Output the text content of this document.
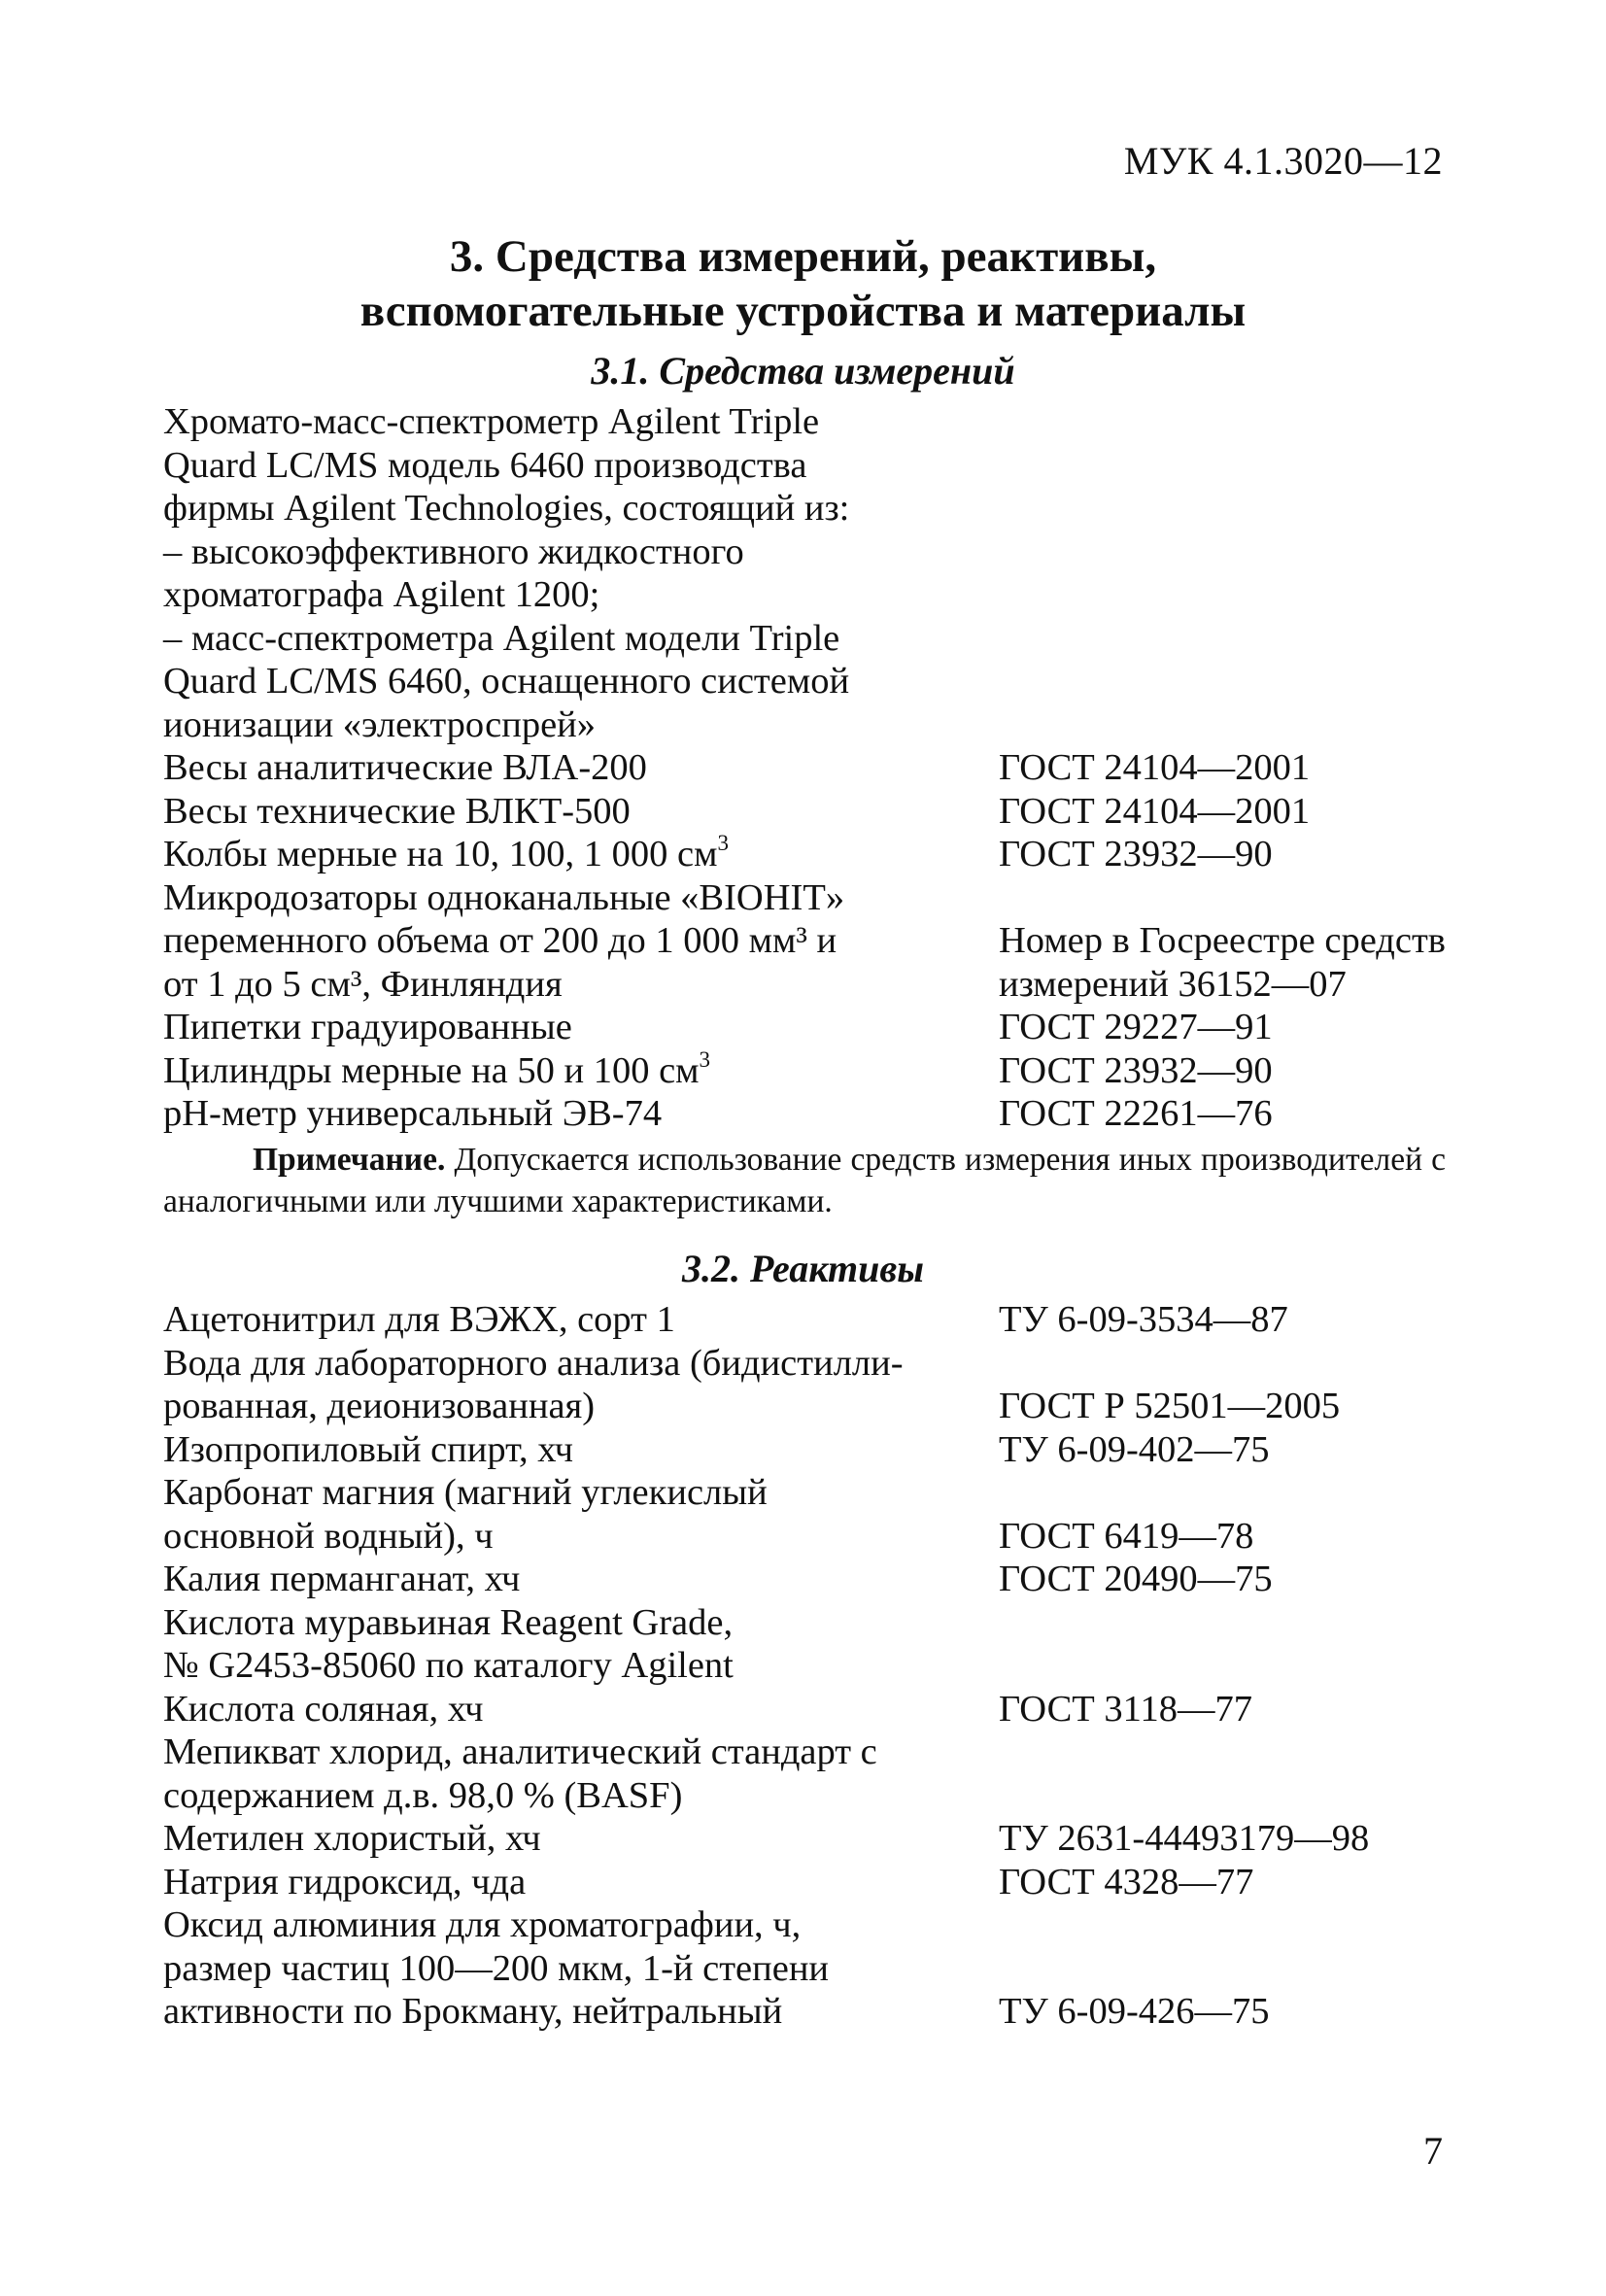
МУК 4.1.3020—12
3. Средства измерений, реактивы,
вспомогательные устройства и материалы
3.1. Средства измерений
Хромато-масс-спектрометр Agilent Triple
Quard LC/MS модель 6460 производства
фирмы Agilent Technologies, состоящий из:
– высокоэффективного жидкостного
хроматографа Agilent 1200;
– масс-спектрометра Agilent модели Triple
Quard LC/MS 6460, оснащенного системой
ионизации «электроспрей»
Весы аналитические ВЛА-200	ГОСТ 24104—2001
Весы технические ВЛКТ-500	ГОСТ 24104—2001
Колбы мерные на 10, 100, 1 000 $см^3$	ГОСТ 23932—90
Микродозаторы одноканальные «BIOHIT»
переменного объема от 200 до 1 000 мм³ и
от 1 до 5 см³, Финляндия
Номер в Госреестре средств
измерений 36152—07
Пипетки градуированные	ГОСТ 29227—91
Цилиндры мерные на 50 и 100 $см^3$	ГОСТ 23932—90
pH-метр универсальный ЭВ-74	ГОСТ 22261—76
Примечание. Допускается использование средств измерения иных производителей с аналогичными или лучшими характеристиками.
3.2. Реактивы
Ацетонитрил для ВЭЖХ, сорт 1	ТУ 6-09-3534—87
Вода для лабораторного анализа (бидистилли-
рованная, деионизованная)	ГОСТ Р 52501—2005
Изопропиловый спирт, хч	ТУ 6-09-402—75
Карбонат магния (магний углекислый
основной водный), ч	ГОСТ 6419—78
Калия перманганат, хч	ГОСТ 20490—75
Кислота муравьиная Reagent Grade,
№ G2453-85060 по каталогу Agilent
Кислота соляная, хч	ГОСТ 3118—77
Мепикват хлорид, аналитический стандарт с
содержанием д.в. 98,0 % (BASF)
Метилен хлористый, хч	ТУ 2631-44493179—98
Натрия гидроксид, чда	ГОСТ 4328—77
Оксид алюминия для хроматографии, ч,
размер частиц 100—200 мкм, 1-й степени
активности по Брокману, нейтральный	ТУ 6-09-426—75
7
